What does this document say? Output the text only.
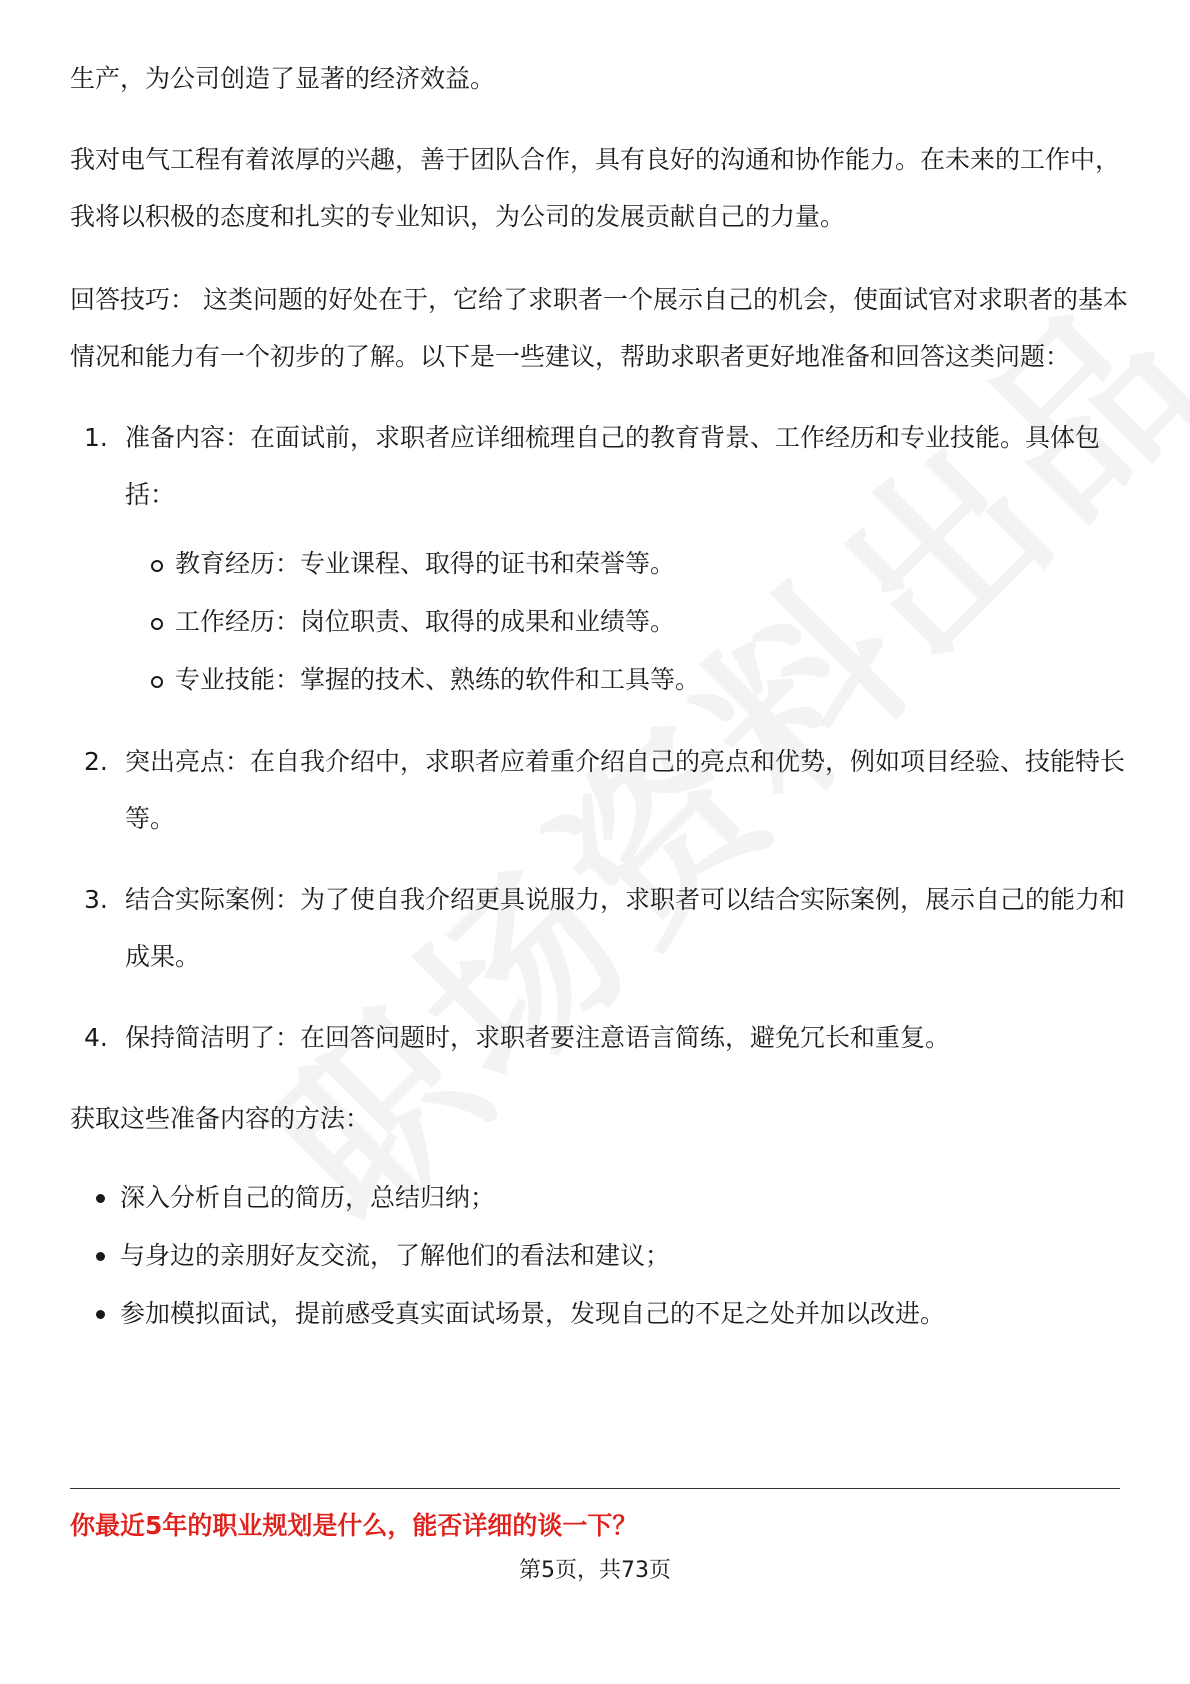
生产，为公司创造了显著的经济效益。

我对电气工程有着浓厚的兴趣，善于团队合作，具有良好的沟通和协作能力。在未来的工作中，我将以积极的态度和扎实的专业知识，为公司的发展贡献自己的力量。

回答技巧： 这类问题的好处在于，它给了求职者一个展示自己的机会，使面试官对求职者的基本情况和能力有一个初步的了解。以下是一些建议，帮助求职者更好地准备和回答这类问题：

1. 准备内容：在面试前，求职者应详细梳理自己的教育背景、工作经历和专业技能。具体包括：
教育经历：专业课程、取得的证书和荣誉等。
工作经历：岗位职责、取得的成果和业绩等。
专业技能：掌握的技术、熟练的软件和工具等。
2. 突出亮点：在自我介绍中，求职者应着重介绍自己的亮点和优势，例如项目经验、技能特长等。
3. 结合实际案例：为了使自我介绍更具说服力，求职者可以结合实际案例，展示自己的能力和成果。
4. 保持简洁明了：在回答问题时，求职者要注意语言简练，避免冗长和重复。

获取这些准备内容的方法：

深入分析自己的简历，总结归纳；
与身边的亲朋好友交流，了解他们的看法和建议；
参加模拟面试，提前感受真实面试场景，发现自己的不足之处并加以改进。
你最近5年的职业规划是什么，能否详细的谈一下？
第5页，共73页
